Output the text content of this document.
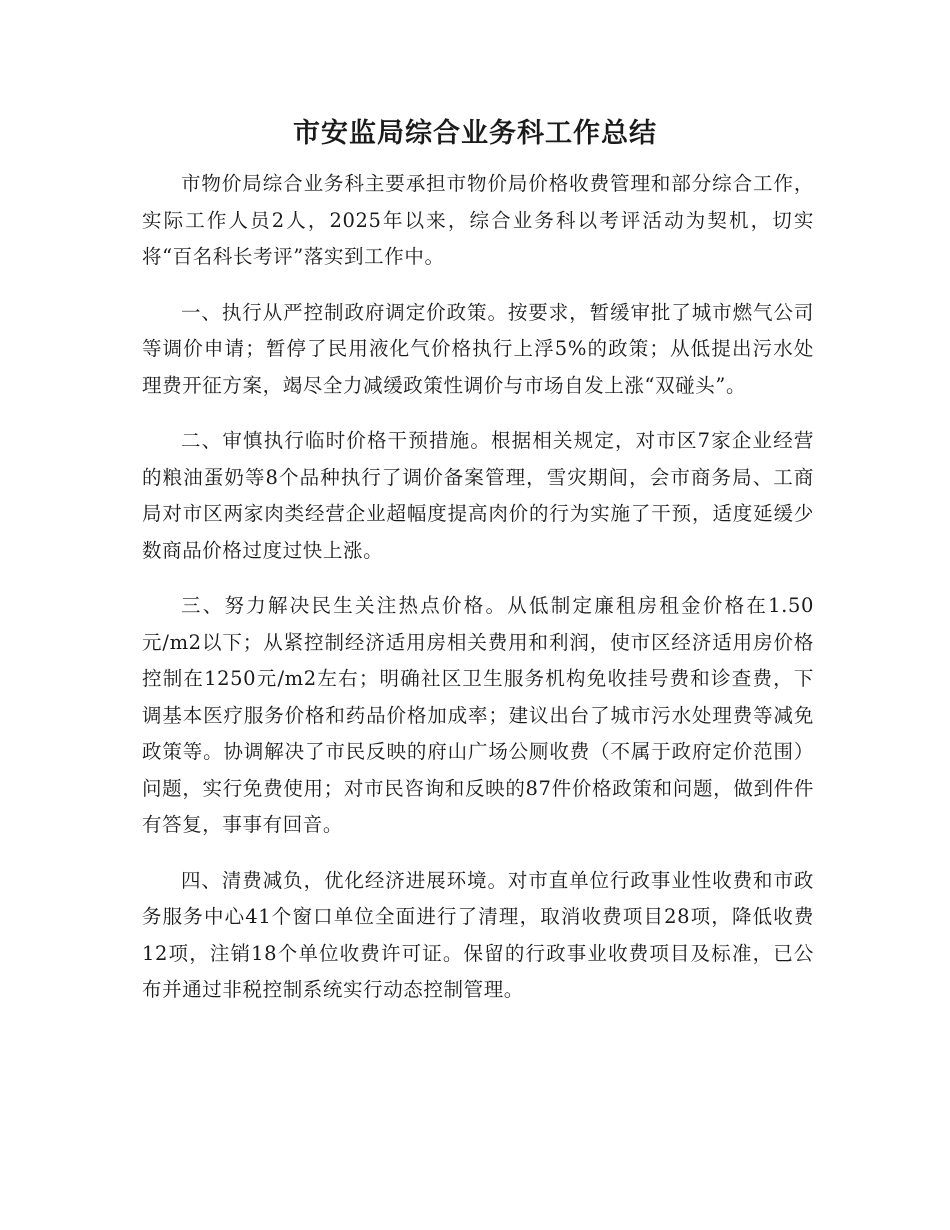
市安监局综合业务科工作总结

市物价局综合业务科主要承担市物价局价格收费管理和部分综合工作，实际工作人员2人，2025年以来，综合业务科以考评活动为契机，切实将“百名科长考评”落实到工作中。

一、执行从严控制政府调定价政策。按要求，暂缓审批了城市燃气公司等调价申请；暂停了民用液化气价格执行上浮5%的政策；从低提出污水处理费开征方案，竭尽全力减缓政策性调价与市场自发上涨“双碰头”。

二、审慎执行临时价格干预措施。根据相关规定，对市区7家企业经营的粮油蛋奶等8个品种执行了调价备案管理，雪灾期间，会市商务局、工商局对市区两家肉类经营企业超幅度提高肉价的行为实施了干预，适度延缓少数商品价格过度过快上涨。

三、努力解决民生关注热点价格。从低制定廉租房租金价格在1.50元/m2以下；从紧控制经济适用房相关费用和利润，使市区经济适用房价格控制在1250元/m2左右；明确社区卫生服务机构免收挂号费和诊查费，下调基本医疗服务价格和药品价格加成率；建议出台了城市污水处理费等减免政策等。协调解决了市民反映的府山广场公厕收费（不属于政府定价范围）问题，实行免费使用；对市民咨询和反映的87件价格政策和问题，做到件件有答复，事事有回音。

四、清费减负，优化经济进展环境。对市直单位行政事业性收费和市政务服务中心41个窗口单位全面进行了清理，取消收费项目28项，降低收费12项，注销18个单位收费许可证。保留的行政事业收费项目及标准，已公布并通过非税控制系统实行动态控制管理。
